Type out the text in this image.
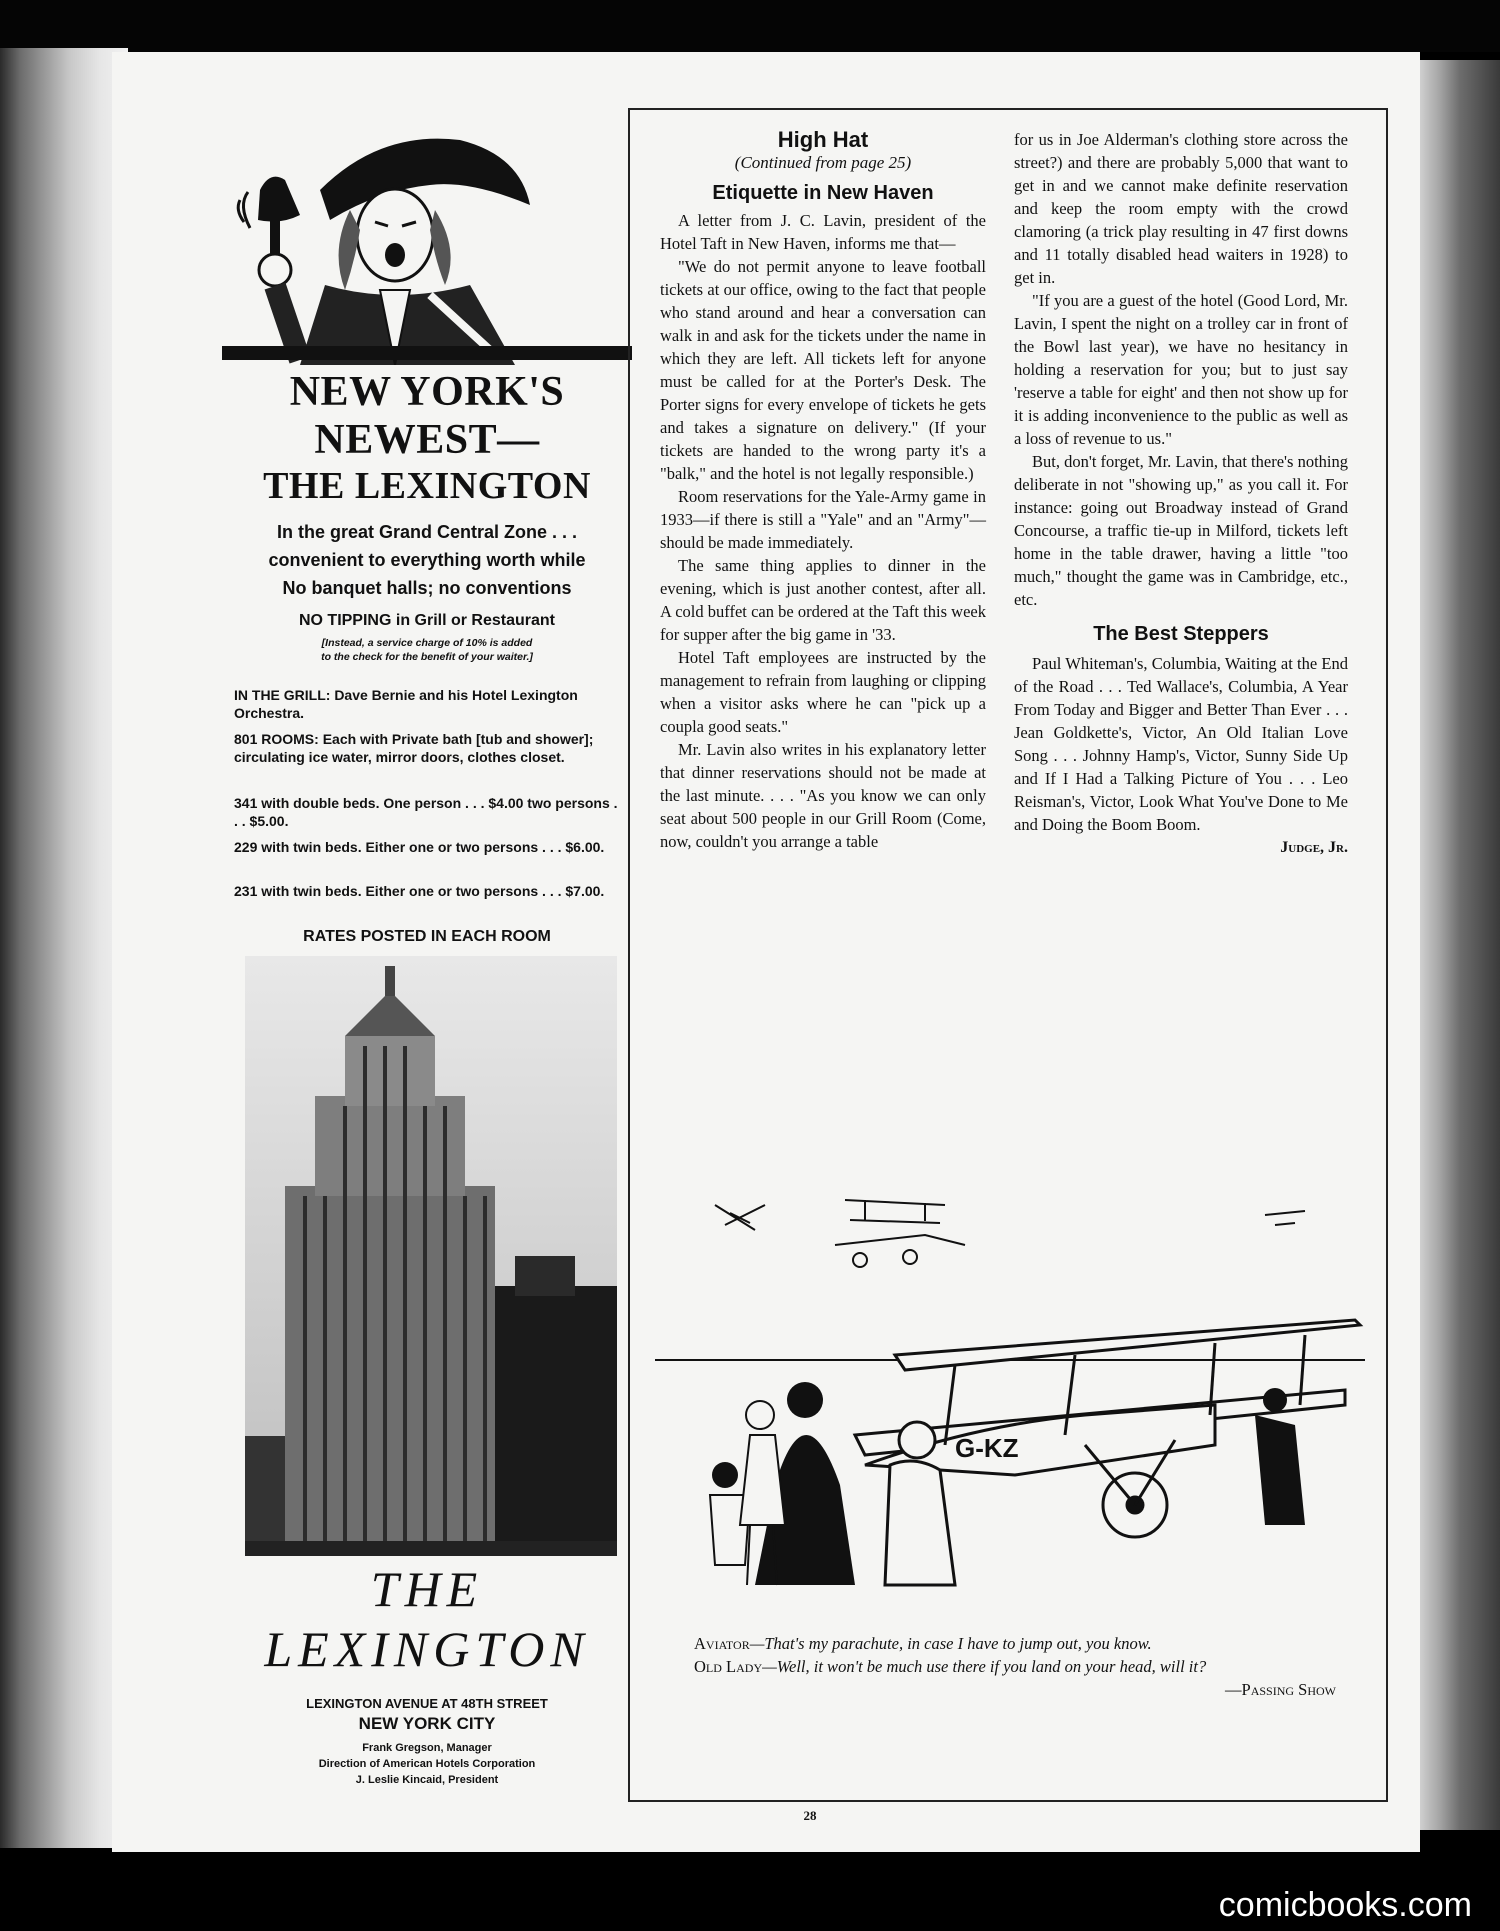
NEW YORK'S
NEWEST—
THE LEXINGTON
In the great Grand Central Zone . . .
convenient to everything worth while
No banquet halls; no conventions
NO TIPPING in Grill or Restaurant
[Instead, a service charge of 10% is added
to the check for the benefit of your waiter.]
IN THE GRILL: Dave Bernie and his Hotel Lexington Orchestra.
801 ROOMS: Each with Private bath [tub and shower]; circulating ice water, mirror doors, clothes closet.
341 with double beds. One person . . . $4.00 two persons . . . $5.00.
229 with twin beds. Either one or two persons . . . $6.00.
231 with twin beds. Either one or two persons . . . $7.00.
RATES POSTED IN EACH ROOM
THE
LEXINGTON
LEXINGTON AVENUE AT 48TH STREET
NEW YORK CITY
Frank Gregson, Manager
Direction of American Hotels Corporation
J. Leslie Kincaid, President
High Hat
(Continued from page 25)
Etiquette in New Haven

A letter from J. C. Lavin, president of the Hotel Taft in New Haven, informs me that—

"We do not permit anyone to leave football tickets at our office, owing to the fact that people who stand around and hear a conversation can walk in and ask for the tickets under the name in which they are left. All tickets left for anyone must be called for at the Porter's Desk. The Porter signs for every envelope of tickets he gets and takes a signature on delivery." (If your tickets are handed to the wrong party it's a "balk," and the hotel is not legally responsible.)

Room reservations for the Yale-Army game in 1933—if there is still a "Yale" and an "Army"—should be made immediately.

The same thing applies to dinner in the evening, which is just another contest, after all. A cold buffet can be ordered at the Taft this week for supper after the big game in '33.

Hotel Taft employees are instructed by the management to refrain from laughing or clipping when a visitor asks where he can "pick up a coupla good seats."

Mr. Lavin also writes in his explanatory letter that dinner reservations should not be made at the last minute. . . . "As you know we can only seat about 500 people in our Grill Room (Come, now, couldn't you arrange a table

for us in Joe Alderman's clothing store across the street?) and there are probably 5,000 that want to get in and we cannot make definite reservation and keep the room empty with the crowd clamoring (a trick play resulting in 47 first downs and 11 totally disabled head waiters in 1928) to get in.

"If you are a guest of the hotel (Good Lord, Mr. Lavin, I spent the night on a trolley car in front of the Bowl last year), we have no hesitancy in holding a reservation for you; but to just say 'reserve a table for eight' and then not show up for it is adding inconvenience to the public as well as a loss of revenue to us."

But, don't forget, Mr. Lavin, that there's nothing deliberate in not "showing up," as you call it. For instance: going out Broadway instead of Grand Concourse, a traffic tie-up in Milford, tickets left home in the table drawer, having a little "too much," thought the game was in Cambridge, etc., etc.

The Best Steppers

Paul Whiteman's, Columbia, Waiting at the End of the Road . . . Ted Wallace's, Columbia, A Year From Today and Bigger and Better Than Ever . . . Jean Goldkette's, Victor, An Old Italian Love Song . . . Johnny Hamp's, Victor, Sunny Side Up and If I Had a Talking Picture of You . . . Leo Reisman's, Victor, Look What You've Done to Me and Doing the Boom Boom.

Judge, Jr.
G-KZ

Aviator—That's my parachute, in case I have to jump out, you know.

Old Lady—Well, it won't be much use there if you land on your head, will it?

—Passing Show

28
comicbooks.com
